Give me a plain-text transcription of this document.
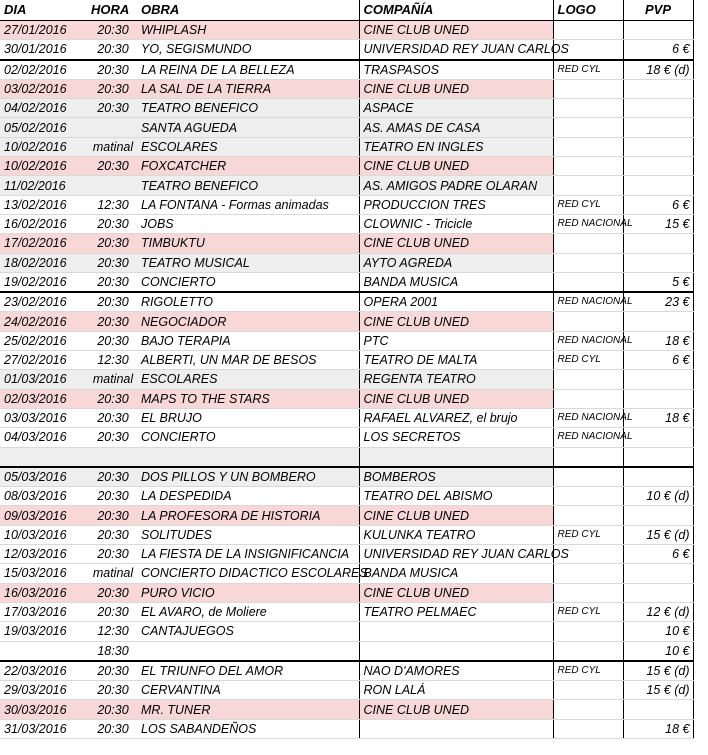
DIA	HORA	OBRA	COMPAÑÍA	LOGO	PVP
27/01/2016	20:30	WHIPLASH	CINE CLUB UNED		
30/01/2016	20:30	YO, SEGISMUNDO	UNIVERSIDAD REY JUAN CARLOS		6 €
02/02/2016	20:30	LA REINA DE LA BELLEZA	TRASPASOS	RED CYL	18 € (d)
03/02/2016	20:30	LA SAL DE LA TIERRA	CINE CLUB UNED		
04/02/2016	20:30	TEATRO BENEFICO	ASPACE		
05/02/2016		SANTA AGUEDA	AS. AMAS DE CASA		
10/02/2016	matinal	ESCOLARES	TEATRO EN INGLES		
10/02/2016	20:30	FOXCATCHER	CINE CLUB UNED		
11/02/2016		TEATRO BENEFICO	AS. AMIGOS PADRE OLARAN		
13/02/2016	12:30	LA FONTANA - Formas animadas	PRODUCCION TRES	RED CYL	6 €
16/02/2016	20:30	JOBS	CLOWNIC - Tricicle	RED NACIONAL	15 €
17/02/2016	20:30	TIMBUKTU	CINE CLUB UNED		
18/02/2016	20:30	TEATRO MUSICAL	AYTO AGREDA		
19/02/2016	20:30	CONCIERTO	BANDA MUSICA		5 €
23/02/2016	20:30	RIGOLETTO	OPERA 2001	RED NACIONAL	23 €
24/02/2016	20:30	NEGOCIADOR	CINE CLUB UNED		
25/02/2016	20:30	BAJO TERAPIA	PTC	RED NACIONAL	18 €
27/02/2016	12:30	ALBERTI, UN MAR DE BESOS	TEATRO DE MALTA	RED CYL	6 €
01/03/2016	matinal	ESCOLARES	REGENTA TEATRO		
02/03/2016	20:30	MAPS TO THE STARS	CINE CLUB UNED		
03/03/2016	20:30	EL BRUJO	RAFAEL ALVAREZ, el brujo	RED NACIONAL	18 €
04/03/2016	20:30	CONCIERTO	LOS SECRETOS	RED NACIONAL	

05/03/2016	20:30	DOS PILLOS Y UN BOMBERO	BOMBEROS		
08/03/2016	20:30	LA DESPEDIDA	TEATRO DEL ABISMO		10 € (d)
09/03/2016	20:30	LA PROFESORA DE HISTORIA	CINE CLUB UNED		
10/03/2016	20:30	SOLITUDES	KULUNKA TEATRO	RED CYL	15 € (d)
12/03/2016	20:30	LA FIESTA DE LA INSIGNIFICANCIA	UNIVERSIDAD REY JUAN CARLOS		6 €
15/03/2016	matinal	CONCIERTO DIDACTICO ESCOLARES	BANDA MUSICA		
16/03/2016	20:30	PURO VICIO	CINE CLUB UNED		
17/03/2016	20:30	EL AVARO, de Moliere	TEATRO PELMAEC	RED CYL	12 € (d)
19/03/2016	12:30	CANTAJUEGOS			10 €
	18:30				10 €
22/03/2016	20:30	EL TRIUNFO DEL AMOR	NAO D'AMORES	RED CYL	15 € (d)
29/03/2016	20:30	CERVANTINA	RON LALÁ		15 € (d)
30/03/2016	20:30	MR. TUNER	CINE CLUB UNED		
31/03/2016	20:30	LOS SABANDEÑOS			18 €
